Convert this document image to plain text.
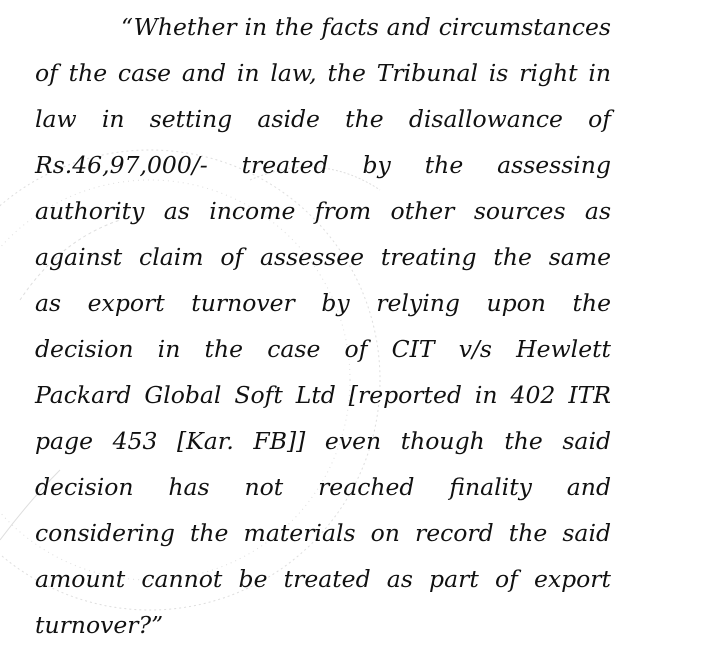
“Whether in the facts and circumstances
of the case and in law, the Tribunal is right in
law in setting aside the disallowance of
Rs.46,97,000/- treated by the assessing
authority as income from other sources as
against claim of assessee treating the same
as export turnover by relying upon the
decision in the case of CIT v/s Hewlett
Packard Global Soft Ltd [reported in 402 ITR
page 453 [Kar. FB]] even though the said
decision has not reached finality and
considering the materials on record the said
amount cannot be treated as part of export
turnover?”
